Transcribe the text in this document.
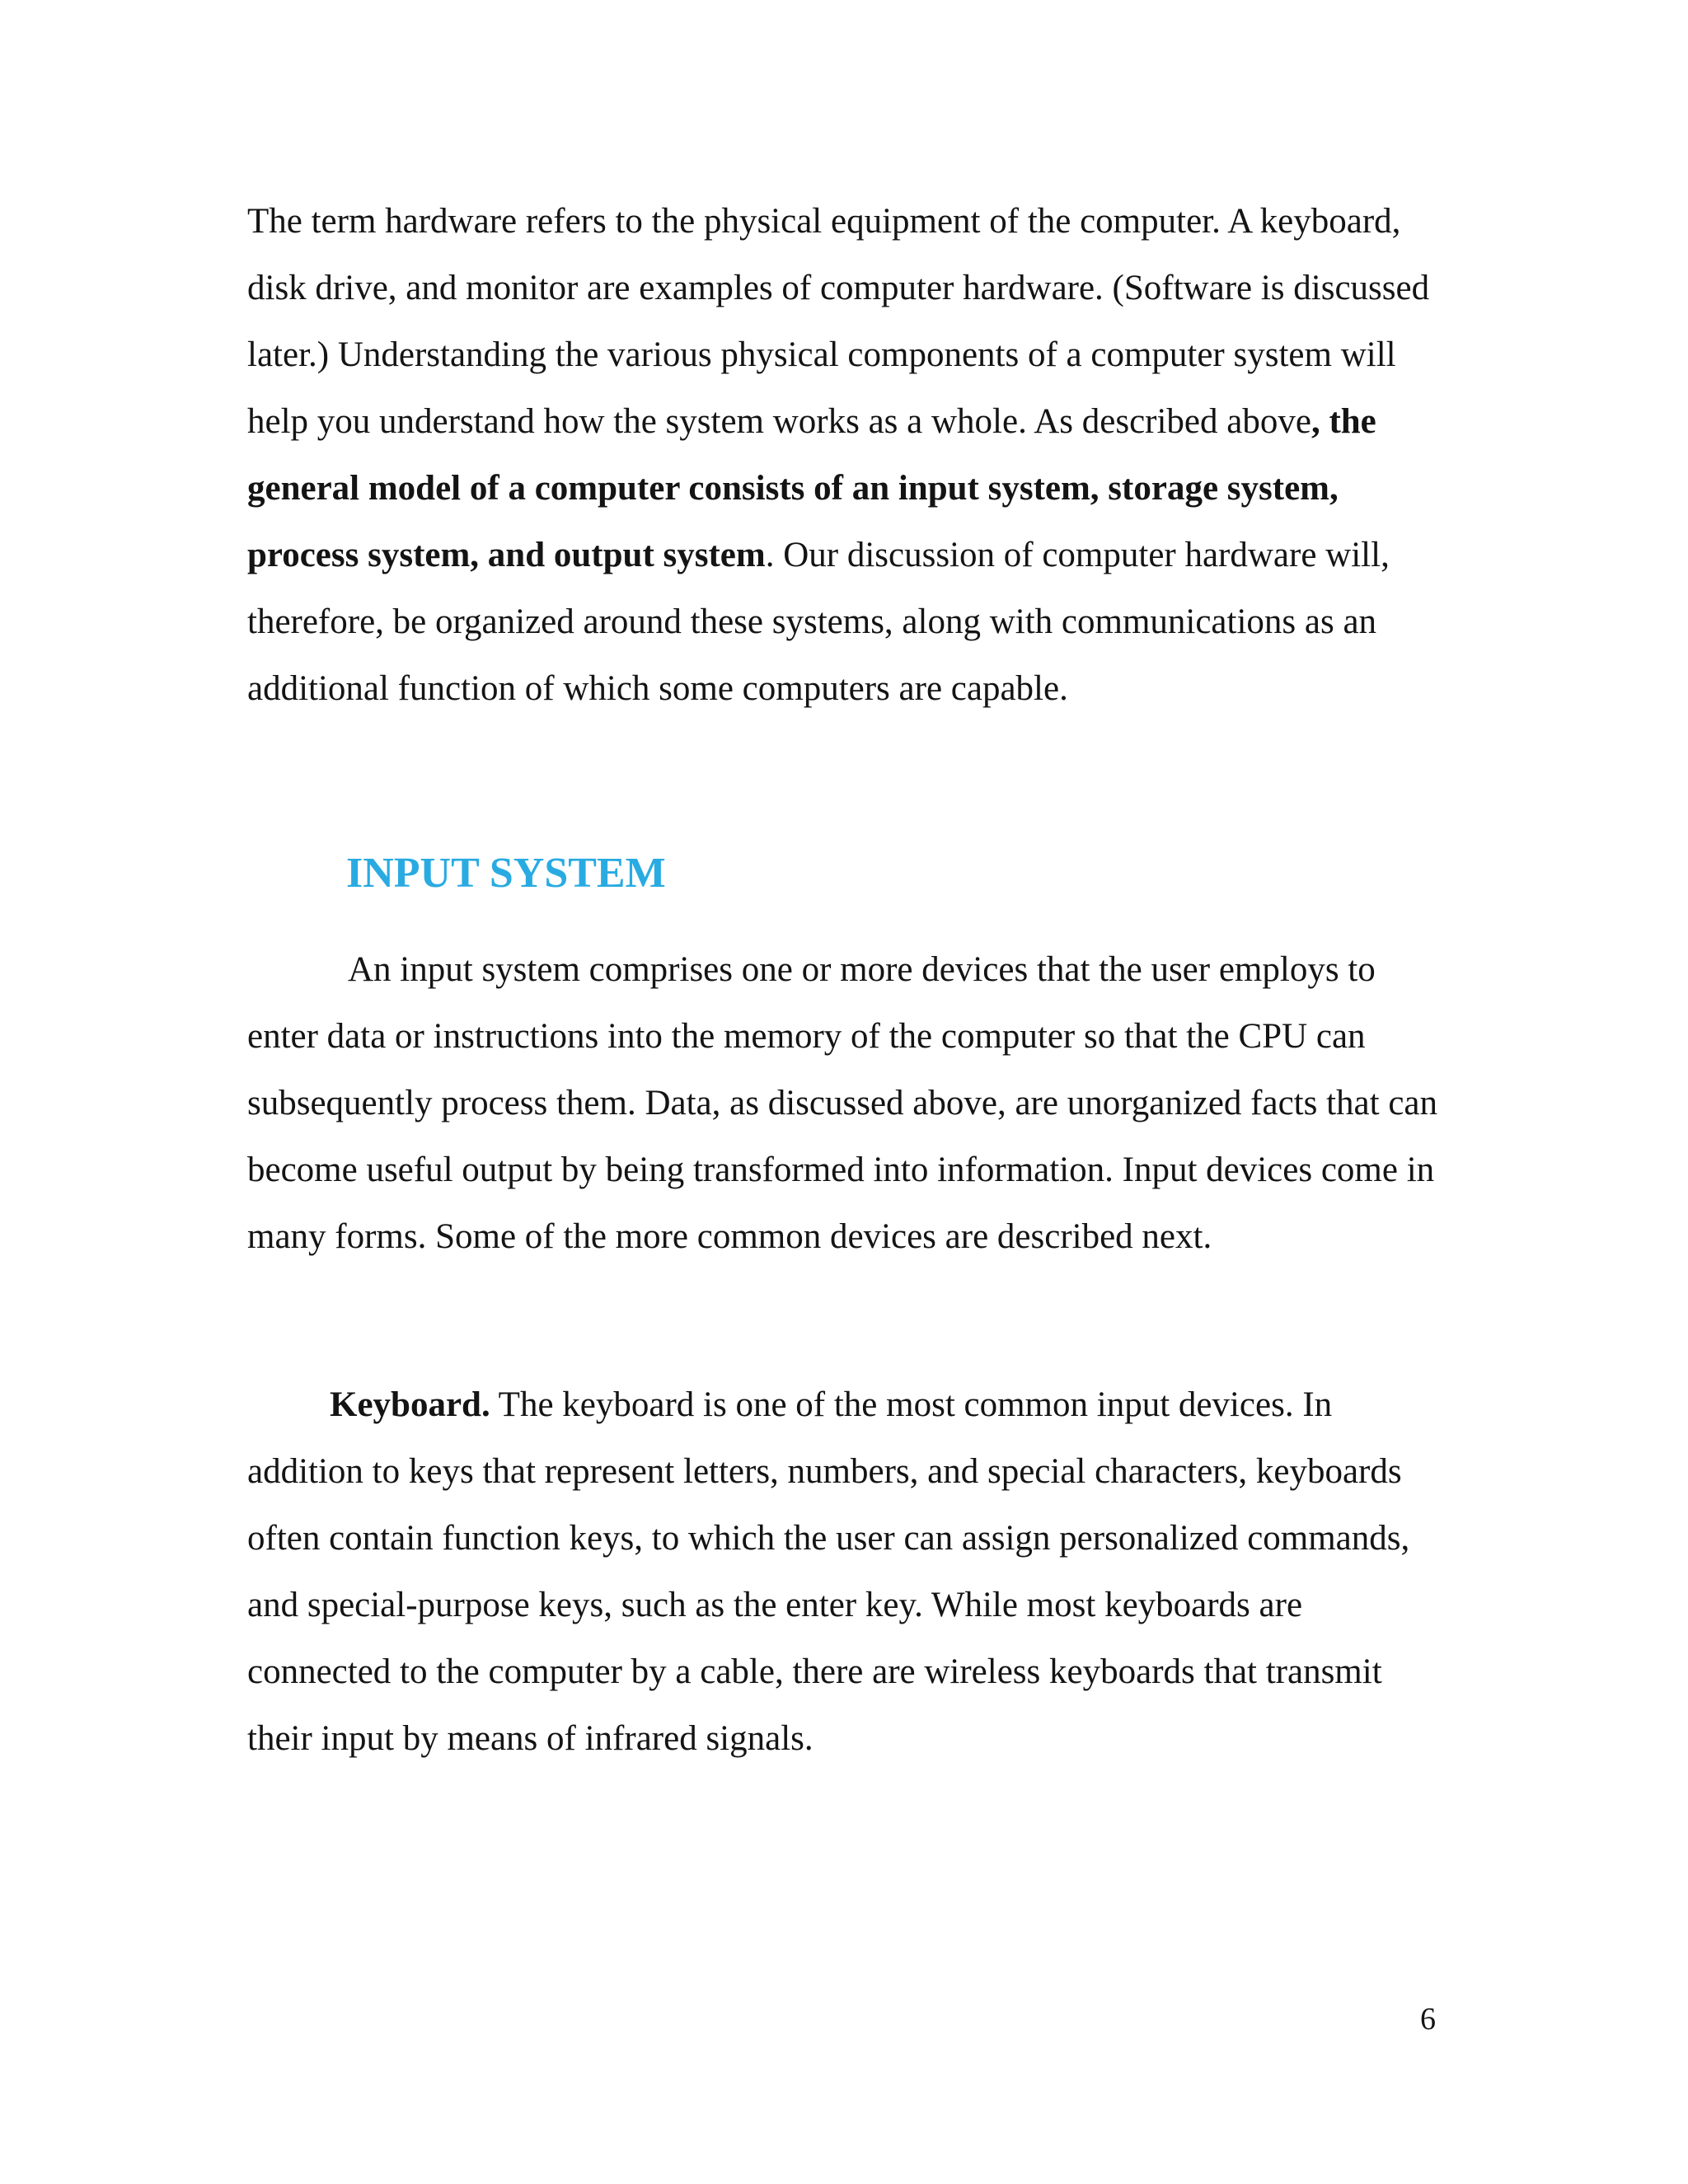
The term hardware refers to the physical equipment of the computer. A keyboard, disk drive, and monitor are examples of computer hardware. (Software is discussed later.) Understanding the various physical components of a computer system will help you understand how the system works as a whole. As described above, the general model of a computer consists of an input system, storage system, process system, and output system. Our discussion of computer hardware will, therefore, be organized around these systems, along with communications as an additional function of which some computers are capable.

INPUT SYSTEM

An input system comprises one or more devices that the user employs to enter data or instructions into the memory of the computer so that the CPU can subsequently process them. Data, as discussed above, are unorganized facts that can become useful output by being transformed into information. Input devices come in many forms. Some of the more common devices are described next.

Keyboard. The keyboard is one of the most common input devices. In addition to keys that represent letters, numbers, and special characters, keyboards often contain function keys, to which the user can assign personalized commands, and special-purpose keys, such as the enter key. While most keyboards are connected to the computer by a cable, there are wireless keyboards that transmit their input by means of infrared signals.

6
